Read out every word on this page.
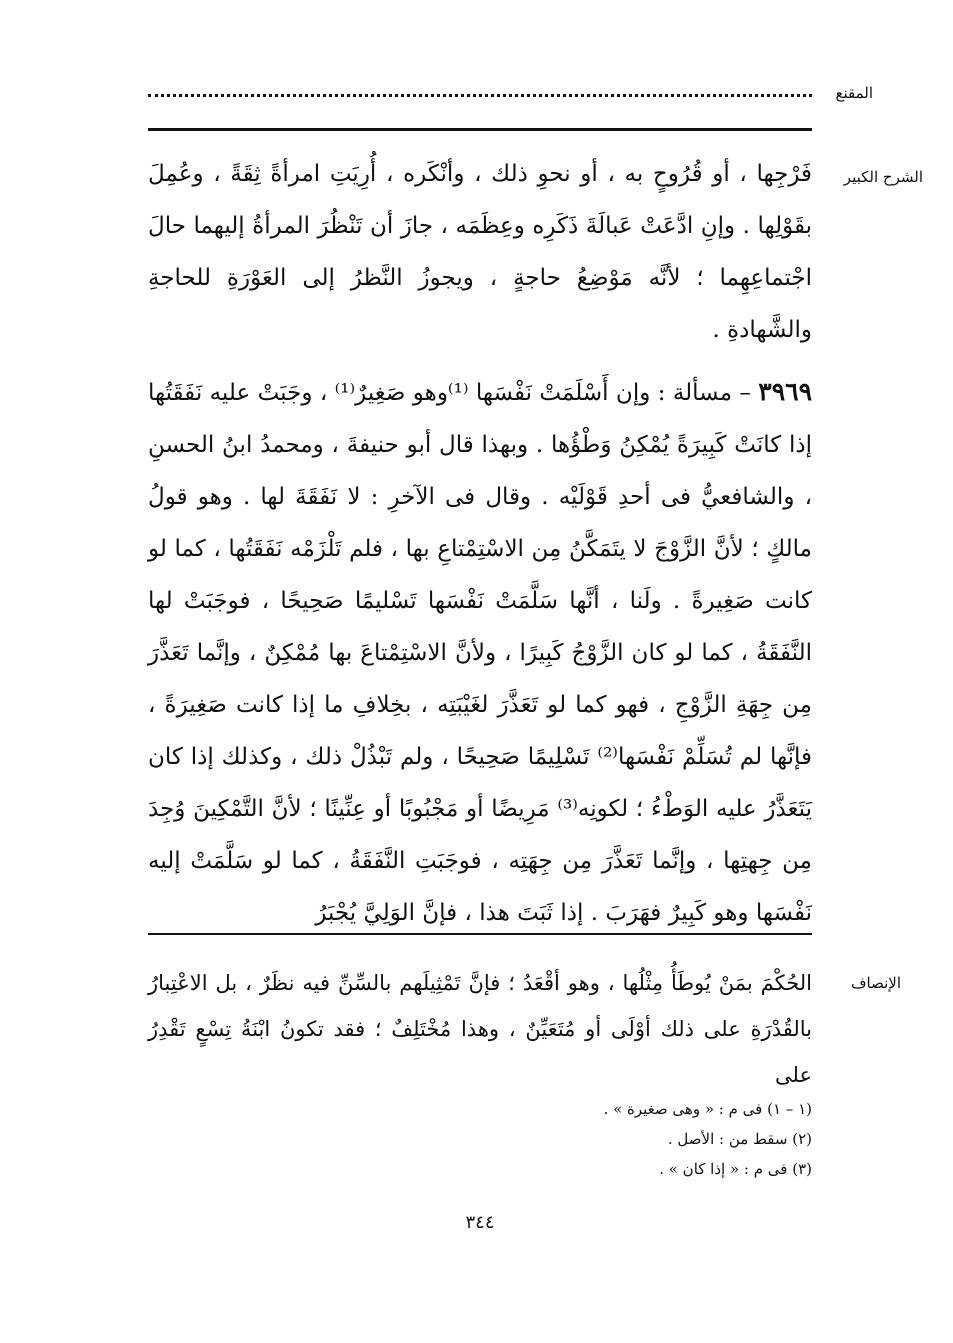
المقنع
الشرح الكبير

فَرْجِها ، أو قُرُوحٍ به ، أو نحوِ ذلك ، وأنْكَره ، أُرِيَتِ امرأةً ثِقَةً ، وعُمِلَ بقَوْلِها . وإنِ ادَّعَتْ عَبالَةَ ذَكَرِه وعِظَمَه ، جازَ أن تَنْظُرَ المرأةُ إليهما حالَ اجْتماعِهِما ؛ لأنَّه مَوْضِعُ حاجةٍ ، ويجوزُ النَّظرُ إلى العَوْرَةِ للحاجةِ والشَّهادةِ .

٣٩٦٩ – مسألة : وإن أَسْلَمَتْ نَفْسَها ⁽¹⁾وهو صَغِيرٌ⁽¹⁾ ، وجَبَتْ عليه نَفَقَتُها إذا كانَتْ كَبِيرَةً يُمْكِنُ وَطْؤُها . وبهذا قال أبو حنيفةَ ، ومحمدُ ابنُ الحسنِ ، والشافعيُّ فى أحدِ قَوْلَيْه . وقال فى الآخرِ : لا نَفَقَةَ لها . وهو قولُ مالكٍ ؛ لأنَّ الزَّوْجَ لا يتَمَكَّنُ مِن الاسْتِمْتاعِ بها ، فلم تَلْزَمْه نَفَقَتُها ، كما لو كانت صَغِيرةً . ولَنا ، أنَّها سَلَّمَتْ نَفْسَها تَسْليمًا صَحِيحًا ، فوجَبَتْ لها النَّفَقَةُ ، كما لو كان الزَّوْجُ كَبِيرًا ، ولأنَّ الاسْتِمْتاعَ بها مُمْكِنٌ ، وإنَّما تَعَذَّرَ مِن جِهَةِ الزَّوْجِ ، فهو كما لو تَعَذَّرَ لغَيْبَتِه ، بخِلافِ ما إذا كانت صَغِيرَةً ، فإنَّها لم تُسَلِّمْ نَفْسَها⁽²⁾ تَسْلِيمًا صَحِيحًا ، ولم تَبْذُلْ ذلك ، وكذلك إذا كان يَتَعَذَّرُ عليه الوَطْءُ ؛ لكونِه⁽³⁾ مَرِيضًا أو مَجْبُوبًا أو عِنِّينًا ؛ لأنَّ التَّمْكِينَ وُجِدَ مِن جِهتِها ، وإنَّما تَعَذَّرَ مِن جِهَتِه ، فوجَبَتِ النَّفَقَةُ ، كما لو سَلَّمَتْ إليه نَفْسَها وهو كَبِيرٌ فهَرَبَ . إذا ثَبَتَ هذا ، فإنَّ الوَلِيَّ يُجْبَرُ

الإنصاف
الحُكْمَ بمَنْ يُوطَأُ مِثْلُها ، وهو أقْعَدُ ؛ فإنَّ تَمْثِيلَهم بالسِّنِّ فيه نظَرٌ ، بل الاعْتِبارُ بالقُدْرَةِ على ذلك أوْلَى أو مُتَعَيِّنٌ ، وهذا مُخْتَلِفٌ ؛ فقد تكونُ ابْنَةُ تِسْعٍ تَقْدِرُ على
(١ – ١) فى م : « وهى صغيرة » .
(٢) سقط من : الأصل .
(٣) فى م : « إذا كان » .
٣٤٤
